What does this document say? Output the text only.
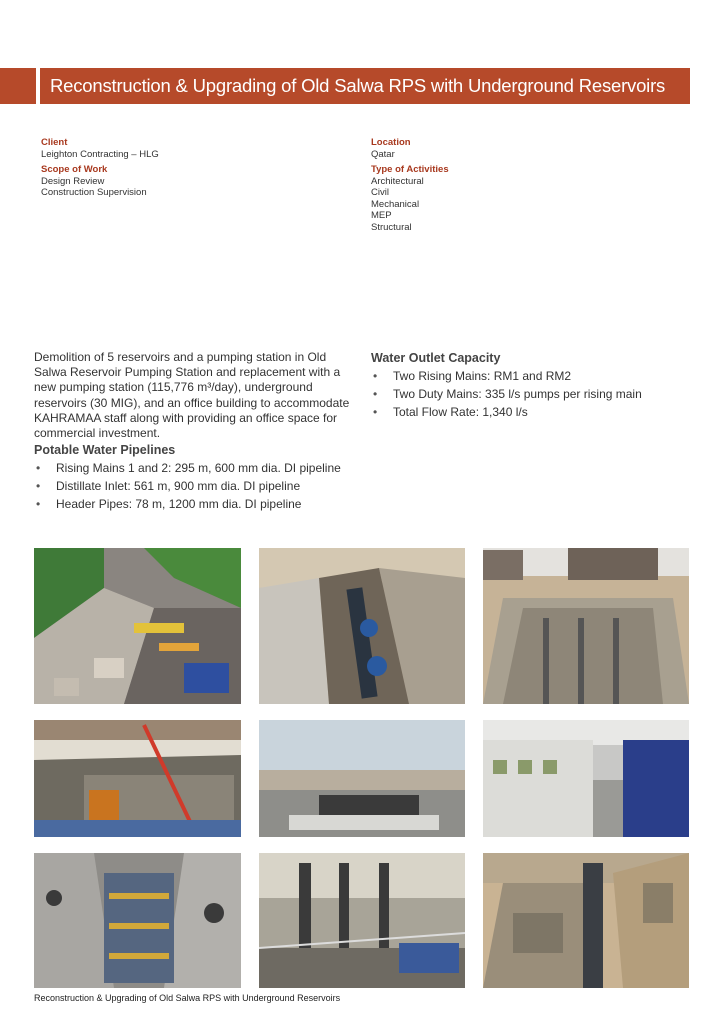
Reconstruction & Upgrading of Old Salwa RPS with Underground Reservoirs
Client
Leighton Contracting – HLG
Scope of Work
Design Review
Construction Supervision
Location
Qatar
Type of Activities
Architectural
Civil
Mechanical
MEP
Structural
Demolition of 5 reservoirs and a pumping station in Old Salwa Reservoir Pumping Station and replacement with a new pumping station (115,776 m³/day), underground reservoirs (30 MIG), and an office building to accommodate KAHRAMAA staff along with providing an office space for commercial investment.
Potable Water Pipelines
• Rising Mains 1 and 2: 295 m, 600 mm dia. DI pipeline
• Distillate Inlet: 561 m, 900 mm dia. DI pipeline
• Header Pipes: 78 m, 1200 mm dia. DI pipeline
Water Outlet Capacity
• Two Rising Mains: RM1 and RM2
• Two Duty Mains: 335 l/s pumps per rising main
• Total Flow Rate: 1,340 l/s
Reconstruction & Upgrading of Old Salwa RPS with Underground Reservoirs
